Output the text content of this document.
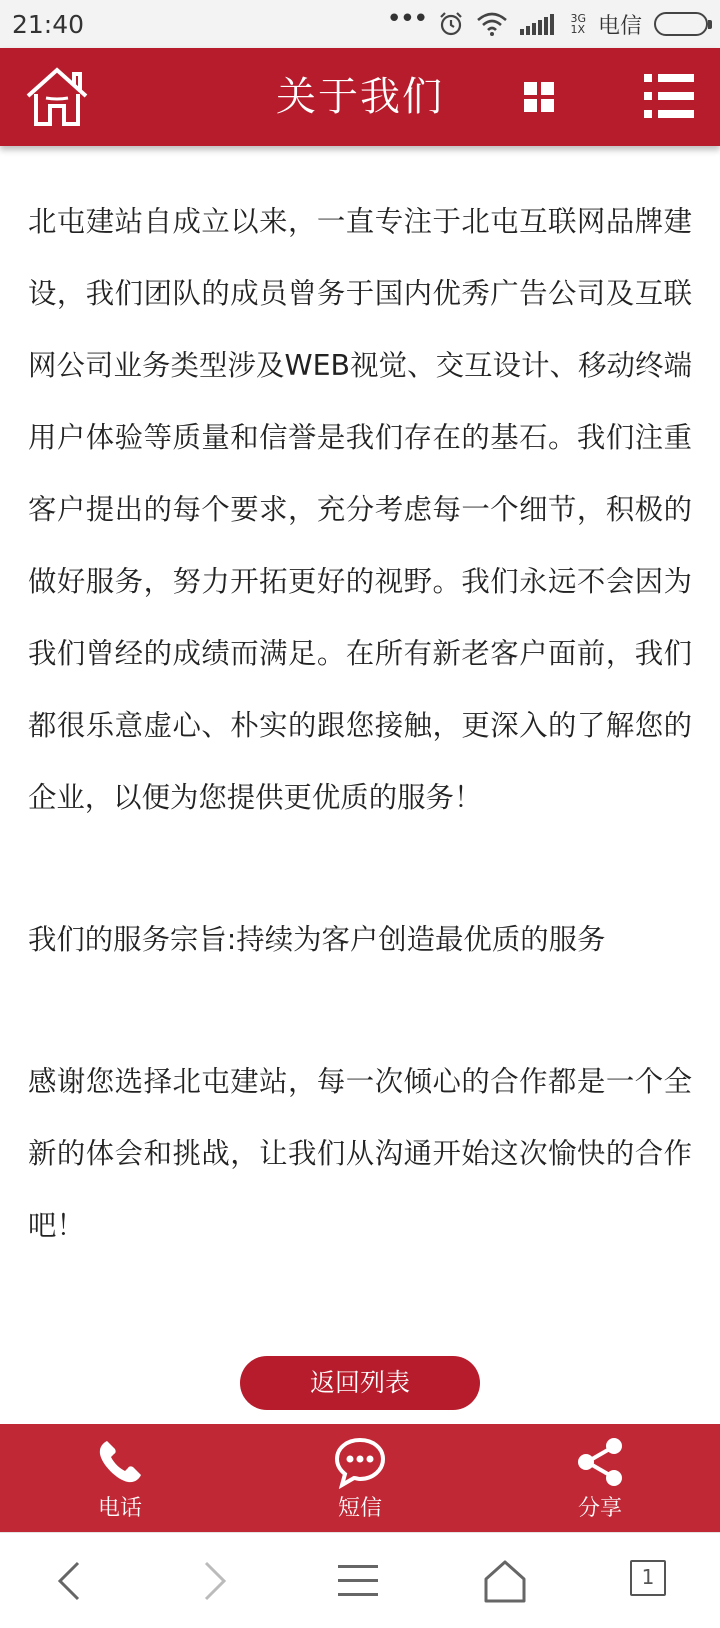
21:40	•••	3G
1X 电信
关于我们

北屯建站自成立以来，一直专注于北屯互联网品牌建设，我们团队的成员曾务于国内优秀广告公司及互联网公司业务类型涉及WEB视觉、交互设计、移动终端用户体验等质量和信誉是我们存在的基石。我们注重客户提出的每个要求，充分考虑每一个细节，积极的做好服务，努力开拓更好的视野。我们永远不会因为我们曾经的成绩而满足。在所有新老客户面前，我们都很乐意虚心、朴实的跟您接触，更深入的了解您的企业，以便为您提供更优质的服务！

我们的服务宗旨:持续为客户创造最优质的服务

感谢您选择北屯建站，每一次倾心的合作都是一个全新的体会和挑战，让我们从沟通开始这次愉快的合作吧！

返回列表
电话	短信	分享
1
